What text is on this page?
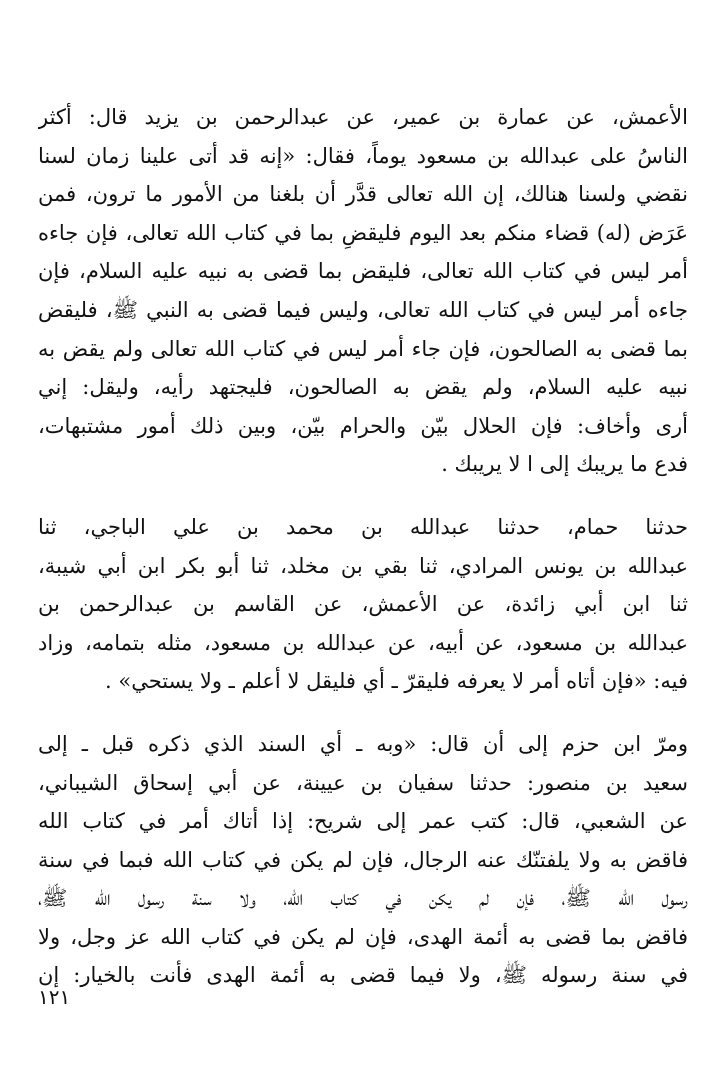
الأعمش، عن عمارة بن عمير، عن عبدالرحمن بن يزيد قال: أكثر
الناسُ على عبدالله بن مسعود يوماً، فقال: «إنه قد أتى علينا زمان لسنا
نقضي ولسنا هنالك، إن الله تعالى قدَّر أن بلغنا من الأمور ما ترون، فمن
عَرَض (له) قضاء منكم بعد اليوم فليقضِ بما في كتاب الله تعالى، فإن جاءه
أمر ليس في كتاب الله تعالى، فليقض بما قضى به نبيه عليه السلام، فإن
جاءه أمر ليس في كتاب الله تعالى، وليس فيما قضى به النبي ﷺ، فليقض
بما قضى به الصالحون، فإن جاء أمر ليس في كتاب الله تعالى ولم يقض به
نبيه عليه السلام، ولم يقض به الصالحون، فليجتهد رأيه، وليقل: إني
أرى وأخاف: فإن الحلال بيّن والحرام بيّن، وبين ذلك أمور مشتبهات،
فدع ما يريبك إلى ا لا يريبك .
حدثنا حمام، حدثنا عبدالله بن محمد بن علي الباجي، ثنا
عبدالله بن يونس المرادي، ثنا بقي بن مخلد، ثنا أبو بكر ابن أبي شيبة،
ثنا ابن أبي زائدة، عن الأعمش، عن القاسم بن عبدالرحمن بن
عبدالله بن مسعود، عن أبيه، عن عبدالله بن مسعود، مثله بتمامه، وزاد
فيه: «فإن أتاه أمر لا يعرفه فليقرّ ـ أي فليقل لا أعلم ـ ولا يستحي» .
ومرّ ابن حزم إلى أن قال: «وبه ـ أي السند الذي ذكره قبل ـ إلى
سعيد بن منصور: حدثنا سفيان بن عيينة، عن أبي إسحاق الشيباني،
عن الشعبي، قال: كتب عمر إلى شريح: إذا أتاك أمر في كتاب الله
فاقض به ولا يلفتنّك عنه الرجال، فإن لم يكن في كتاب الله فبما في سنة
رسول الله ﷺ، فإن لم يكن في كتاب الله، ولا سنة رسول الله ﷺ،
فاقض بما قضى به أئمة الهدى، فإن لم يكن في كتاب الله عز وجل، ولا
في سنة رسوله ﷺ، ولا فيما قضى به أئمة الهدى فأنت بالخيار: إن
١٢١
